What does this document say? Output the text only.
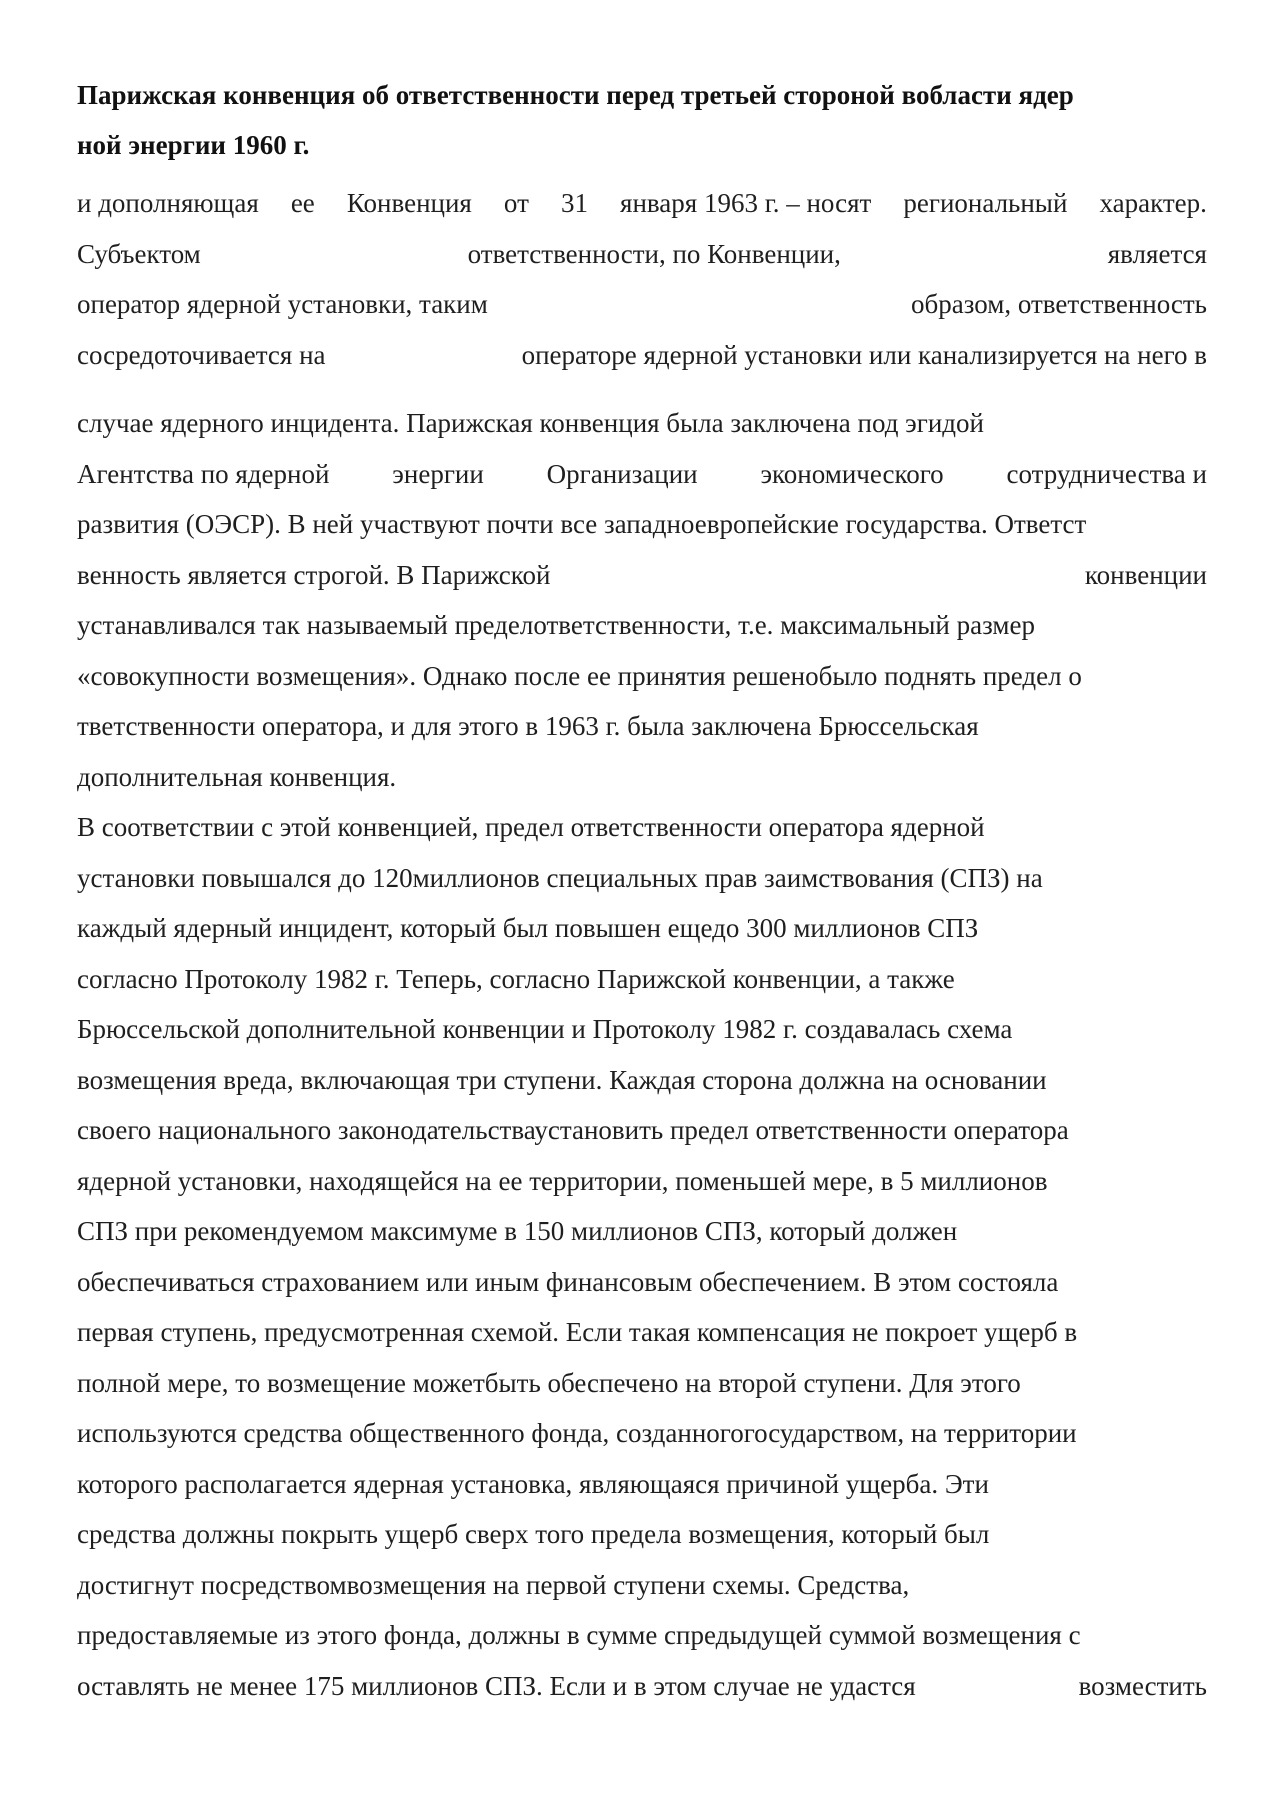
Парижская конвенция об ответственности перед третьей стороной вобласти ядер
ной энергии 1960 г.
и дополняющая ее Конвенция от 31 января 1963 г. – носят региональный характер.
Субъектом	ответственности, по Конвенции,	является
оператор ядерной установки, таким	образом, ответственность
сосредоточивается на	операторе ядерной установки или канализируется на него в
случае ядерного инцидента. Парижская конвенция была заключена под эгидой
Агентства по ядерной энергии Организации экономического сотрудничества и
развития (ОЭСР). В ней участвуют почти все западноевропейские государства. Ответст
венность является строгой. В Парижской	конвенции
устанавливался так называемый пределответственности, т.е. максимальный размер
«совокупности возмещения». Однако после ее принятия решенобыло поднять предел о
тветственности оператора, и для этого в 1963 г. была заключена Брюссельская
дополнительная конвенция.
В соответствии с этой конвенцией, предел ответственности оператора ядерной
установки повышался до 120миллионов специальных прав заимствования (СПЗ) на
каждый ядерный инцидент, который был повышен ещедо 300 миллионов СПЗ
согласно Протоколу 1982 г. Теперь, согласно Парижской конвенции, а также
Брюссельской дополнительной конвенции и Протоколу 1982 г. создавалась схема
возмещения вреда, включающая три ступени. Каждая сторона должна на основании
своего национального законодательстваустановить предел ответственности оператора
ядерной установки, находящейся на ее территории, поменьшей мере, в 5 миллионов
СПЗ при рекомендуемом максимуме в 150 миллионов СПЗ, который должен
обеспечиваться страхованием или иным финансовым обеспечением. В этом состояла
первая ступень, предусмотренная схемой. Если такая компенсация не покроет ущерб в
полной мере, то возмещение можетбыть обеспечено на второй ступени. Для этого
используются средства общественного фонда, созданногогосударством, на территории
которого располагается ядерная установка, являющаяся причиной ущерба. Эти
средства должны покрыть ущерб сверх того предела возмещения, который был
достигнут посредствомвозмещения на первой ступени схемы. Средства,
предоставляемые из этого фонда, должны в сумме спредыдущей суммой возмещения с
оставлять не менее 175 миллионов СПЗ. Если и в этом случае не удастся	возместить
